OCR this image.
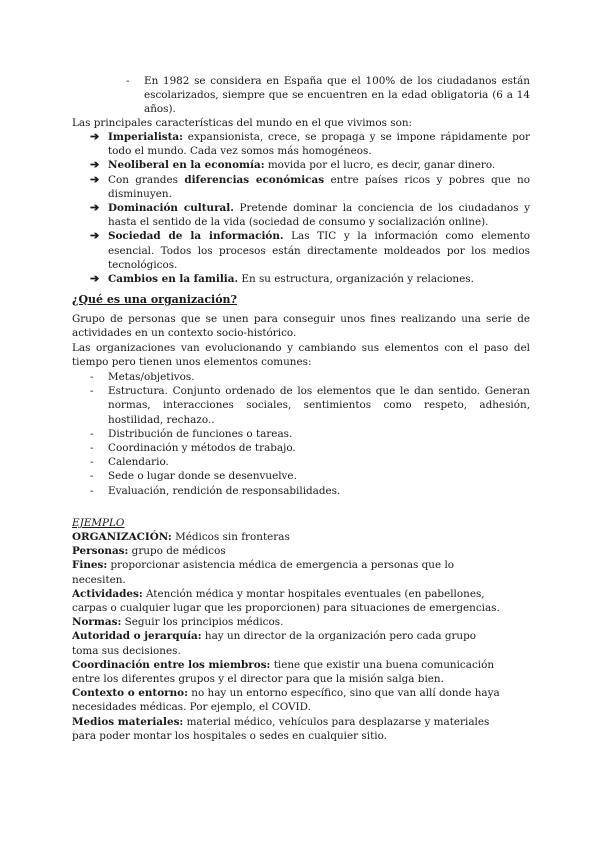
- En 1982 se considera en España que el 100% de los ciudadanos están escolarizados, siempre que se encuentren en la edad obligatoria (6 a 14 años).
Las principales características del mundo en el que vivimos son:
➔ Imperialista: expansionista, crece, se propaga y se impone rápidamente por todo el mundo. Cada vez somos más homogéneos.
➔ Neoliberal en la economía: movida por el lucro, es decir, ganar dinero.
➔ Con grandes diferencias económicas entre países ricos y pobres que no disminuyen.
➔ Dominación cultural. Pretende dominar la conciencia de los ciudadanos y hasta el sentido de la vida (sociedad de consumo y socialización online).
➔ Sociedad de la información. Las TIC y la información como elemento esencial. Todos los procesos están directamente moldeados por los medios tecnológicos.
➔ Cambios en la familia. En su estructura, organización y relaciones.
¿Qué es una organización?
Grupo de personas que se unen para conseguir unos fines realizando una serie de actividades en un contexto socio-histórico.
Las organizaciones van evolucionando y cambiando sus elementos con el paso del tiempo pero tienen unos elementos comunes:
- Metas/objetivos.
- Estructura. Conjunto ordenado de los elementos que le dan sentido. Generan normas, interacciones sociales, sentimientos como respeto, adhesión, hostilidad, rechazo..
- Distribución de funciones o tareas.
- Coordinación y métodos de trabajo.
- Calendario.
- Sede o lugar donde se desenvuelve.
- Evaluación, rendición de responsabilidades.
EJEMPLO
ORGANIZACIÓN: Médicos sin fronteras
Personas: grupo de médicos
Fines: proporcionar asistencia médica de emergencia a personas que lo necesiten.
Actividades: Atención médica y montar hospitales eventuales (en pabellones, carpas o cualquier lugar que les proporcionen) para situaciones de emergencias.
Normas: Seguir los principios médicos.
Autoridad o jerarquía: hay un director de la organización pero cada grupo toma sus decisiones.
Coordinación entre los miembros: tiene que existir una buena comunicación entre los diferentes grupos y el director para que la misión salga bien.
Contexto o entorno: no hay un entorno específico, sino que van allí donde haya necesidades médicas. Por ejemplo, el COVID.
Medios materiales: material médico, vehículos para desplazarse y materiales para poder montar los hospitales o sedes en cualquier sitio.
